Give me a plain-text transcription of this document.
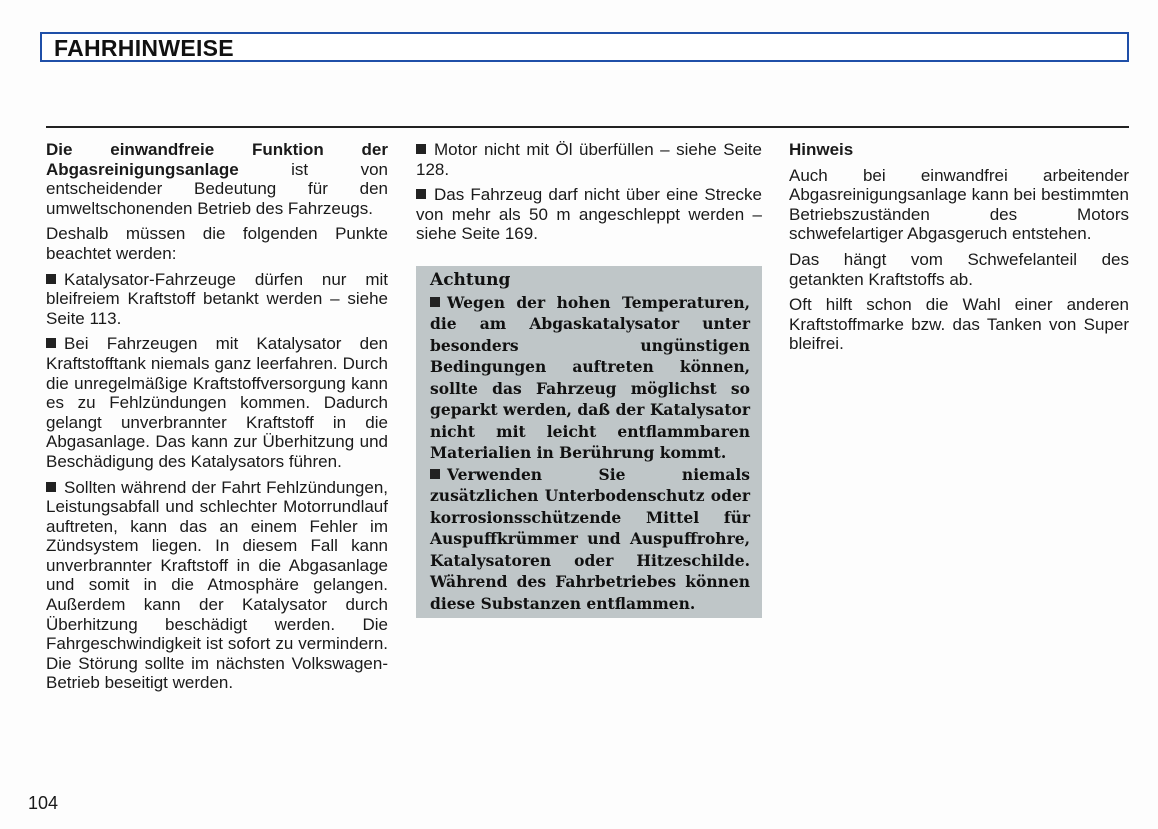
FAHRHINWEISE

Die einwandfreie Funktion der Abgasreinigungsanlage ist von entscheidender Bedeutung für den umweltschonenden Betrieb des Fahrzeugs.

Deshalb müssen die folgenden Punkte beachtet werden:

Katalysator-Fahrzeuge dürfen nur mit bleifreiem Kraftstoff betankt werden – siehe Seite 113.

Bei Fahrzeugen mit Katalysator den Kraftstofftank niemals ganz leerfahren. Durch die unregelmäßige Kraftstoffversorgung kann es zu Fehlzündungen kommen. Dadurch gelangt unverbrannter Kraftstoff in die Abgasanlage. Das kann zur Überhitzung und Beschädigung des Katalysators führen.

Sollten während der Fahrt Fehlzündungen, Leistungsabfall und schlechter Motorrundlauf auftreten, kann das an einem Fehler im Zündsystem liegen. In diesem Fall kann unverbrannter Kraftstoff in die Abgasanlage und somit in die Atmosphäre gelangen. Außerdem kann der Katalysator durch Überhitzung beschädigt werden. Die Fahrgeschwindigkeit ist sofort zu vermindern. Die Störung sollte im nächsten Volkswagen-Betrieb beseitigt werden.

Motor nicht mit Öl überfüllen – siehe Seite 128.

Das Fahrzeug darf nicht über eine Strecke von mehr als 50 m angeschleppt werden – siehe Seite 169.

Achtung

Wegen der hohen Temperaturen, die am Abgaskatalysator unter besonders ungünstigen Bedingungen auftreten können, sollte das Fahrzeug möglichst so geparkt werden, daß der Katalysator nicht mit leicht entflammbaren Materialien in Berührung kommt.

Verwenden Sie niemals zusätzlichen Unterbodenschutz oder korrosionsschützende Mittel für Auspuffkrümmer und Auspuffrohre, Katalysatoren oder Hitzeschilde. Während des Fahrbetriebes können diese Substanzen entflammen.

Hinweis

Auch bei einwandfrei arbeitender Abgasreinigungsanlage kann bei bestimmten Betriebszuständen des Motors schwefelartiger Abgasgeruch entstehen.

Das hängt vom Schwefelanteil des getankten Kraftstoffs ab.

Oft hilft schon die Wahl einer anderen Kraftstoffmarke bzw. das Tanken von Super bleifrei.

104
